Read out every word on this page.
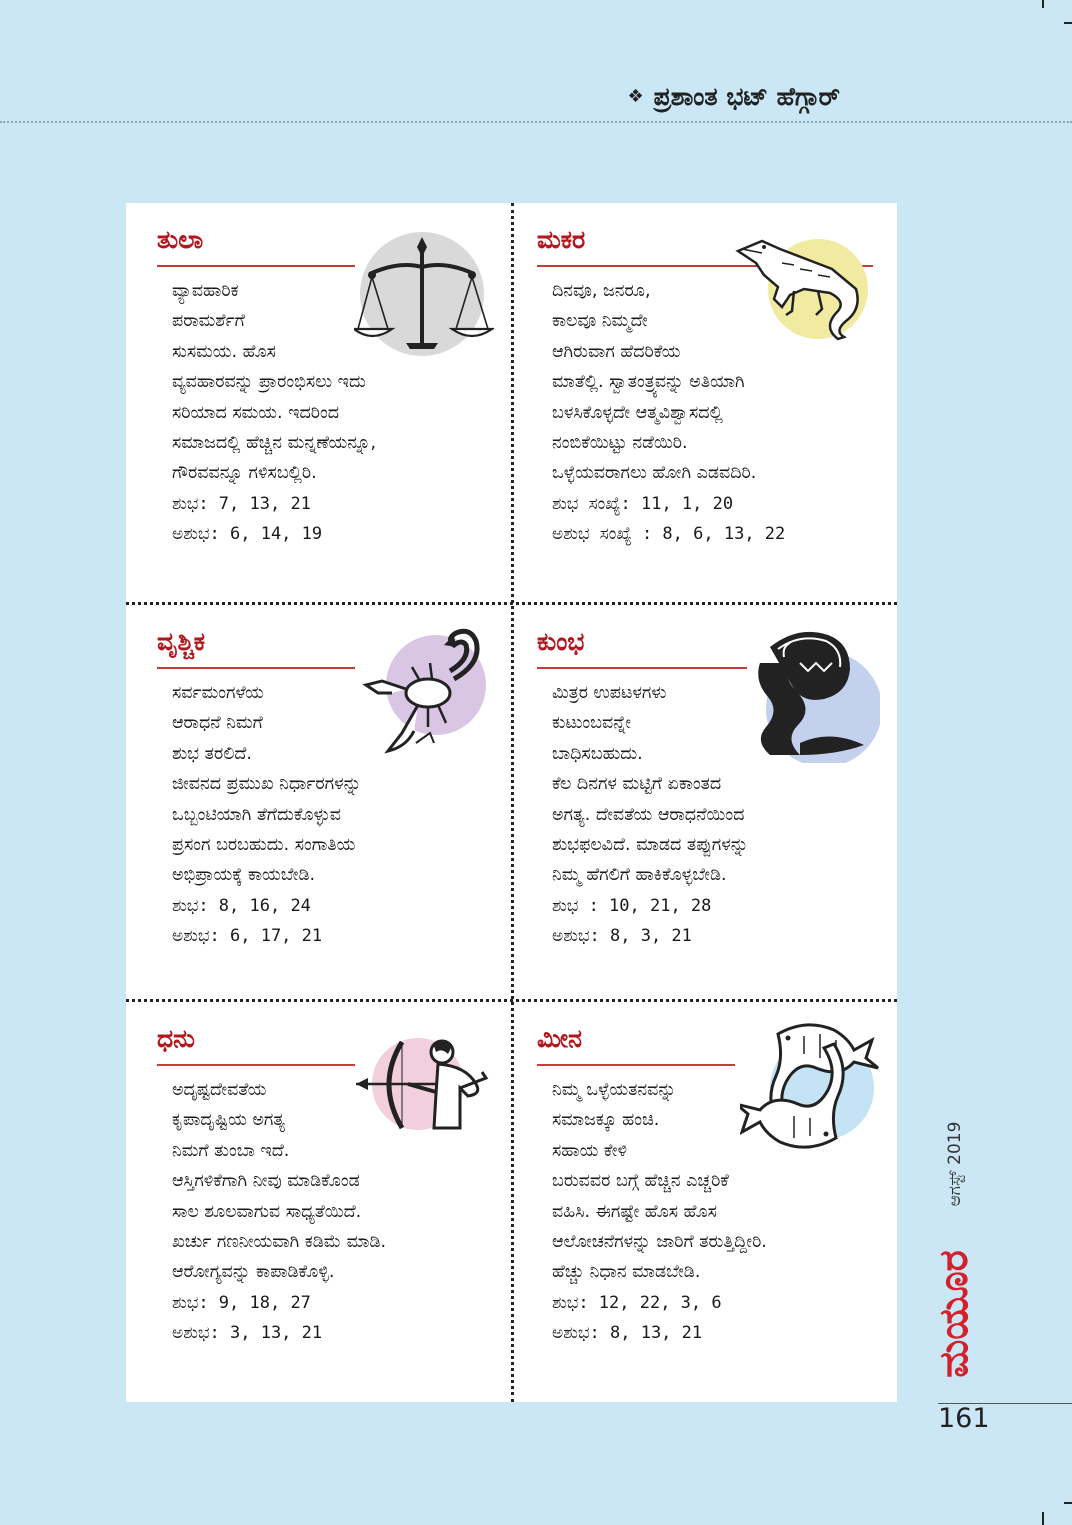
❖ ಪ್ರಶಾಂತ ಭಟ್ ಹೆಗ್ಗಾರ್
ತುಲಾ
ವ್ಯಾವಹಾರಿಕ
ಪರಾಮರ್ಶೆಗೆ
ಸುಸಮಯ. ಹೊಸ
ವ್ಯವಹಾರವನ್ನು ಪ್ರಾರಂಭಿಸಲು ಇದು
ಸರಿಯಾದ ಸಮಯ. ಇದರಿಂದ
ಸಮಾಜದಲ್ಲಿ ಹೆಚ್ಚಿನ ಮನ್ನಣೆಯನ್ನೂ,
ಗೌರವವನ್ನೂ ಗಳಿಸಬಲ್ಲಿರಿ.
ಶುಭ: 7, 13, 21
ಅಶುಭ: 6, 14, 19
ಮಕರ
ದಿನವೂ, ಜನರೂ,
ಕಾಲವೂ ನಿಮ್ಮದೇ
ಆಗಿರುವಾಗ ಹೆದರಿಕೆಯ
ಮಾತೆಲ್ಲಿ. ಸ್ವಾತಂತ್ರ್ಯವನ್ನು ಅತಿಯಾಗಿ
ಬಳಸಿಕೊಳ್ಳದೇ ಆತ್ಮವಿಶ್ವಾಸದಲ್ಲಿ
ನಂಬಿಕೆಯಿಟ್ಟು ನಡೆಯಿರಿ.
ಒಳ್ಳೆಯವರಾಗಲು ಹೋಗಿ ಎಡವದಿರಿ.
ಶುಭ ಸಂಖ್ಯೆ: 11, 1, 20
ಅಶುಭ ಸಂಖ್ಯೆ : 8, 6, 13, 22
ವೃಶ್ಚಿಕ
ಸರ್ವಮಂಗಳೆಯ
ಆರಾಧನೆ ನಿಮಗೆ
ಶುಭ ತರಲಿದೆ.
ಜೀವನದ ಪ್ರಮುಖ ನಿರ್ಧಾರಗಳನ್ನು
ಒಬ್ಬಂಟಿಯಾಗಿ ತೆಗೆದುಕೊಳ್ಳುವ
ಪ್ರಸಂಗ ಬರಬಹುದು. ಸಂಗಾತಿಯ
ಅಭಿಪ್ರಾಯಕ್ಕೆ ಕಾಯಬೇಡಿ.
ಶುಭ: 8, 16, 24
ಅಶುಭ: 6, 17, 21
ಕುಂಭ
ಮಿತ್ರರ ಉಪಟಳಗಳು
ಕುಟುಂಬವನ್ನೇ
ಬಾಧಿಸಬಹುದು.
ಕೆಲ ದಿನಗಳ ಮಟ್ಟಿಗೆ ಏಕಾಂತದ
ಅಗತ್ಯ. ದೇವತೆಯ ಆರಾಧನೆಯಿಂದ
ಶುಭಫಲವಿದೆ. ಮಾಡದ ತಪ್ಪುಗಳನ್ನು
ನಿಮ್ಮ ಹೆಗಲಿಗೆ ಹಾಕಿಕೊಳ್ಳಬೇಡಿ.
ಶುಭ : 10, 21, 28
ಅಶುಭ: 8, 3, 21
ಧನು
ಅದೃಷ್ಟದೇವತೆಯ
ಕೃಪಾದೃಷ್ಟಿಯ ಅಗತ್ಯ
ನಿಮಗೆ ತುಂಬಾ ಇದೆ.
ಆಸ್ತಿಗಳಿಕೆಗಾಗಿ ನೀವು ಮಾಡಿಕೊಂಡ
ಸಾಲ ಶೂಲವಾಗುವ ಸಾಧ್ಯತೆಯಿದೆ.
ಖರ್ಚು ಗಣನೀಯವಾಗಿ ಕಡಿಮೆ ಮಾಡಿ.
ಆರೋಗ್ಯವನ್ನು ಕಾಪಾಡಿಕೊಳ್ಳಿ.
ಶುಭ: 9, 18, 27
ಅಶುಭ: 3, 13, 21
ಮೀನ
ನಿಮ್ಮ ಒಳ್ಳೆಯತನವನ್ನು
ಸಮಾಜಕ್ಕೂ ಹಂಚಿ.
ಸಹಾಯ ಕೇಳಿ
ಬರುವವರ ಬಗ್ಗೆ ಹೆಚ್ಚಿನ ಎಚ್ಚರಿಕೆ
ವಹಿಸಿ. ಈಗಷ್ಟೇ ಹೊಸ ಹೊಸ
ಆಲೋಚನೆಗಳನ್ನು ಜಾರಿಗೆ ತರುತ್ತಿದ್ದೀರಿ.
ಹೆಚ್ಚು ನಿಧಾನ ಮಾಡಬೇಡಿ.
ಶುಭ: 12, 22, 3, 6
ಅಶುಭ: 8, 13, 21
ಆಗಸ್ಟ್ 2019
ಮಯೂರ
161
